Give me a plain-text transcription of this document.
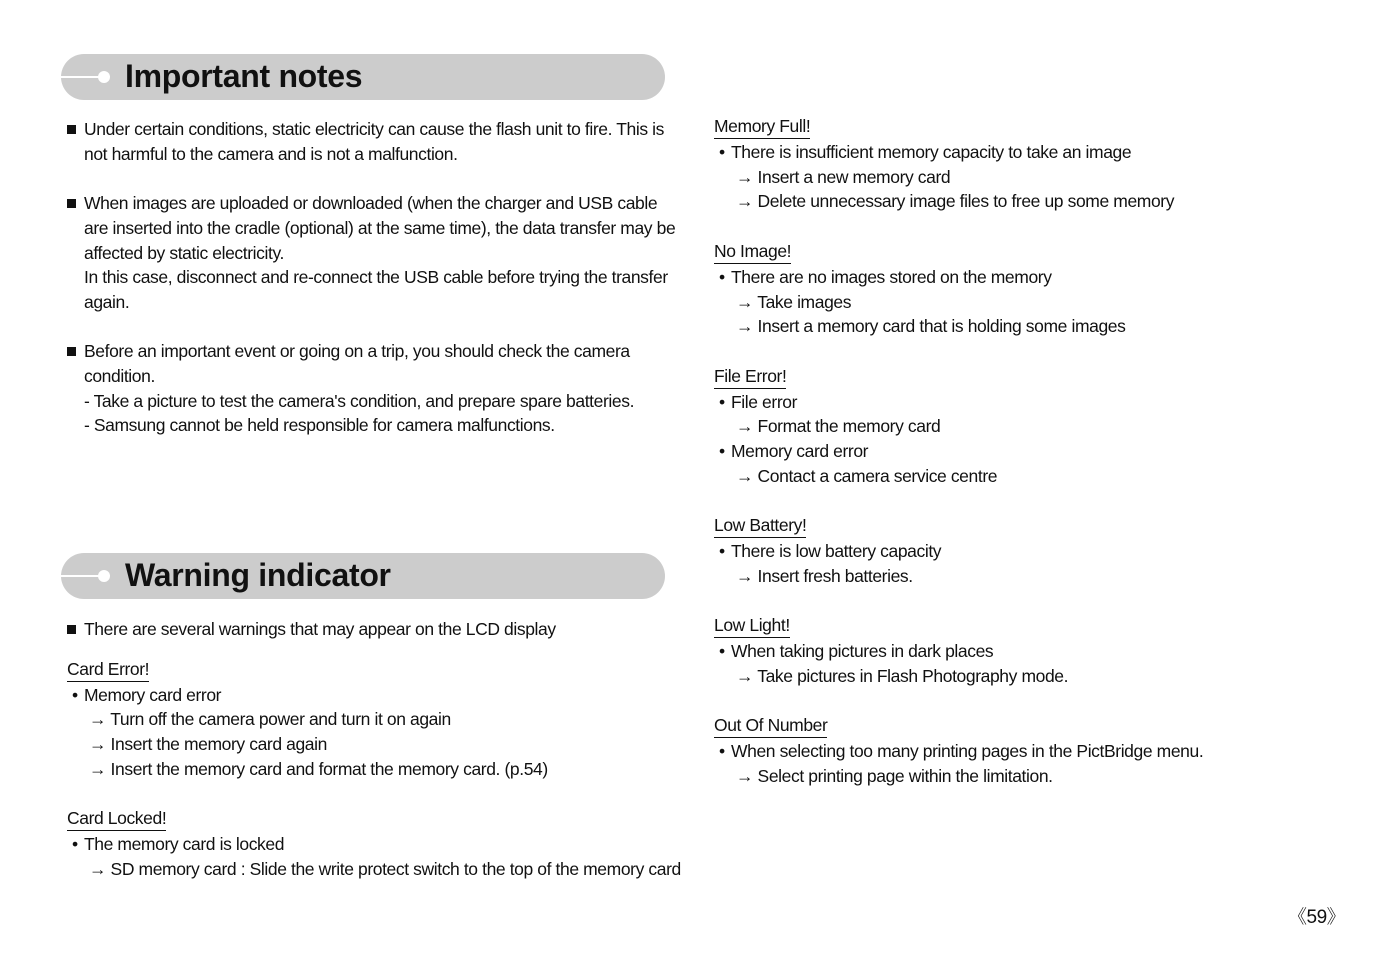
Important notes

Under certain conditions, static electricity can cause the flash unit to fire. This is

not harmful to the camera and is not a malfunction.

When images are uploaded or downloaded (when the charger and USB cable

are inserted into the cradle (optional) at the same time), the data transfer may be

affected by static electricity.

In this case, disconnect and re-connect the USB cable before trying the transfer

again.

Before an important event or going on a trip, you should check the camera

condition.

- Take a picture to test the camera's condition, and prepare spare batteries.

- Samsung cannot be held responsible for camera malfunctions.

Warning indicator

There are several warnings that may appear on the LCD display

Card Error!

• Memory card error

→ Turn off the camera power and turn it on again

→ Insert the memory card again

→ Insert the memory card and format the memory card. (p.54)

Card Locked!

• The memory card is locked

→ SD memory card : Slide the write protect switch to the top of the memory card

Memory Full!

• There is insufficient memory capacity to take an image

→ Insert a new memory card

→ Delete unnecessary image files to free up some memory

No Image!

• There are no images stored on the memory

→ Take images

→ Insert a memory card that is holding some images

File Error!

• File error

→ Format the memory card

• Memory card error

→ Contact a camera service centre

Low Battery!

• There is low battery capacity

→ Insert fresh batteries.

Low Light!

• When taking pictures in dark places

→ Take pictures in Flash Photography mode.

Out Of Number

• When selecting too many printing pages in the PictBridge menu.

→ Select printing page within the limitation.

《59》
